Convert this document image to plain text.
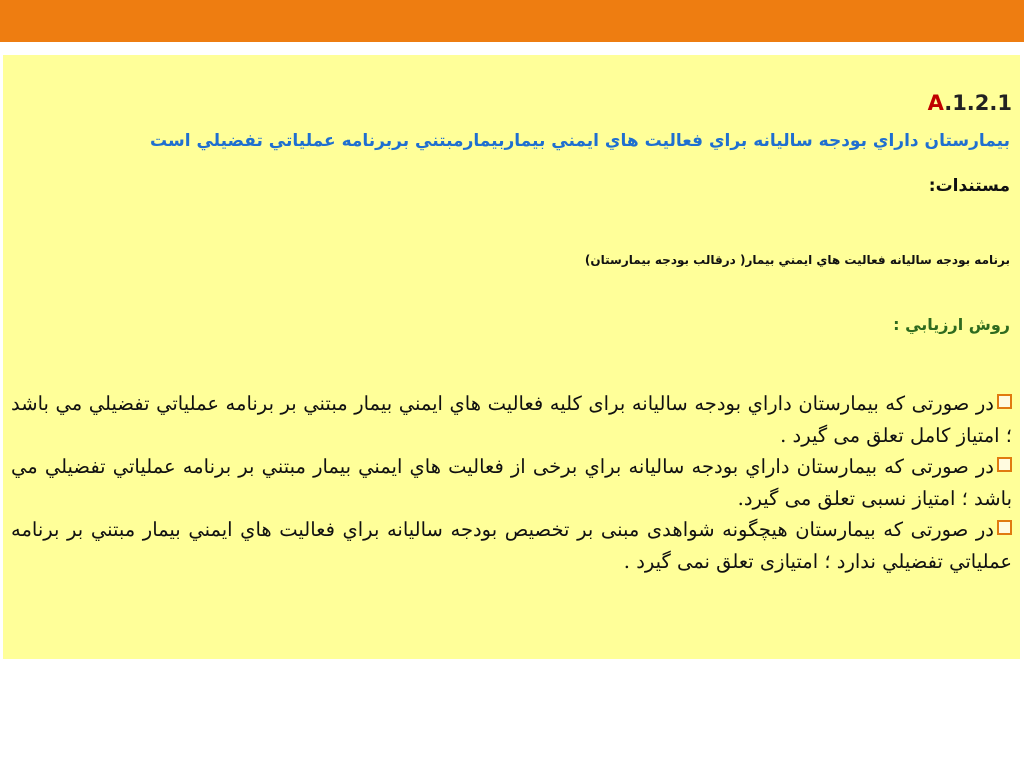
A.1.2.1

بيمارستان داراي بودجه ساليانه براي فعاليت هاي ايمني بيماربيمارمبتني بربرنامه عملياتي تفضيلي است

مستندات:

برنامه بودجه ساليانه فعاليت هاي ايمني بيمار( درقالب بودجه بيمارستان)

روش ارزيابي :

در صورتی که بيمارستان داراي بودجه ساليانه برای کليه فعاليت هاي ايمني بيمار مبتني بر برنامه عملياتي تفضيلي مي باشد ؛ امتياز کامل تعلق می گيرد .

در صورتی که بيمارستان داراي بودجه ساليانه براي برخی از فعاليت هاي ايمني بيمار مبتني بر برنامه عملياتي تفضيلي مي باشد ؛ امتياز نسبی تعلق می گيرد.

در صورتی که بيمارستان هيچگونه شواهدی مبنی بر تخصيص بودجه ساليانه براي فعاليت هاي ايمني بيمار مبتني بر برنامه عملياتي تفضيلي ندارد ؛ امتيازی تعلق نمی گيرد .
